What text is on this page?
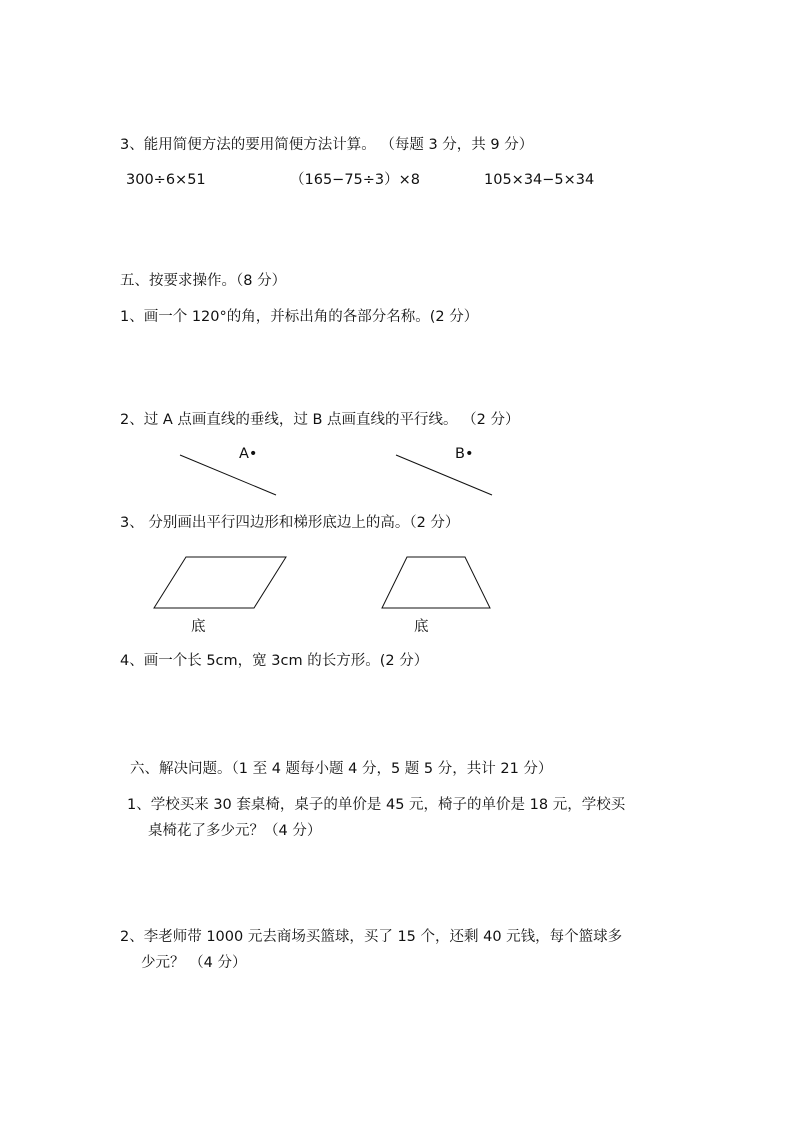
3、能用简便方法的要用简便方法计算。 （每题 3 分，共 9 分）
300÷6×51	（165−75÷3）×8	105×34−5×34
五、按要求操作。（8 分）
1、画一个 120°的角，并标出角的各部分名称。(2 分）
2、过 A 点画直线的垂线，过 B 点画直线的平行线。 （2 分）
A•	B•
3、 分别画出平行四边形和梯形底边上的高。（2 分）
底	底
4、画一个长 5cm，宽 3cm 的长方形。(2 分）
六、解决问题。（1 至 4 题每小题 4 分，5 题 5 分，共计 21 分）
1、学校买来 30 套桌椅，桌子的单价是 45 元，椅子的单价是 18 元，学校买
桌椅花了多少元？（4 分）
2、李老师带 1000 元去商场买篮球，买了 15 个，还剩 40 元钱，每个篮球多
少元？ （4 分）
